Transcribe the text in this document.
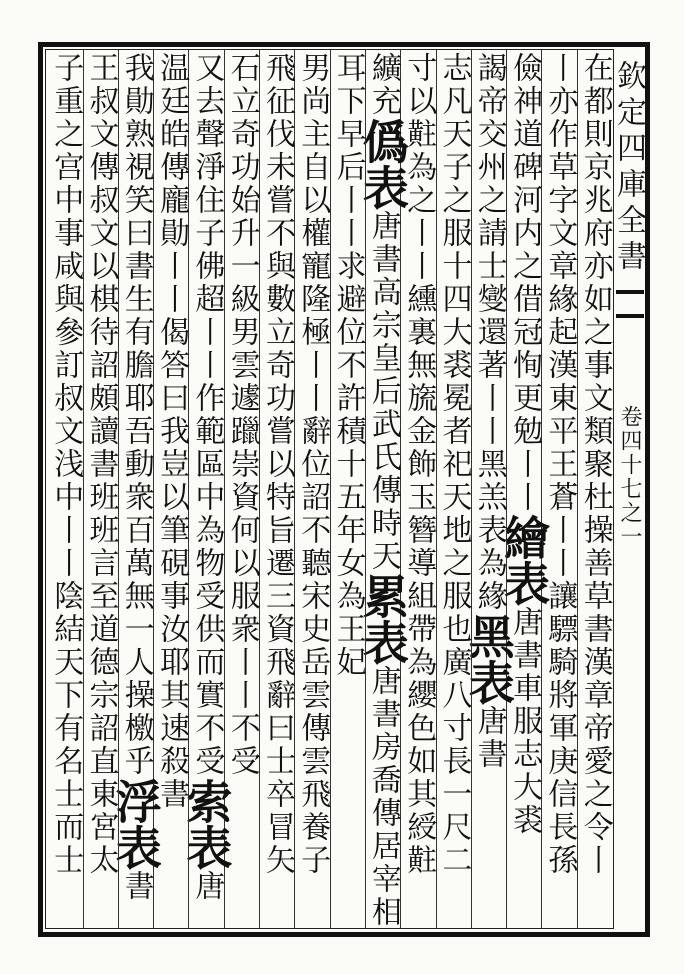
欽定四庫全書
卷四十七之一
在都則京兆府亦如之事文類聚杜操善草書漢章帝愛之令丨
丨亦作草字文章緣起漢東平王蒼丨丨讓驃騎將軍庚信長孫
儉神道碑河内之借冠恂更勉丨丨繪表唐書車服志大裘
謁帝交州之請士燮還著丨丨黑羔表為緣黑表唐書
志凡天子之服十四大裘冕者祀天地之服也廣八寸長一尺二
寸以黈為之丨丨纁裏無旒金飾玉簪導組帶為纓色如其綬黈
纊充僞表唐書高宗皇后武氏傳時天累表唐書房喬傳居宰相
耳下早后丨丨求避位不許積十五年女為王妃
男尚主自以權寵隆極丨丨辭位詔不聽宋史岳雲傳雲飛養子
飛征伐未嘗不與數立奇功嘗以特旨遷三資飛辭曰士卒冒矢
石立奇功始升一級男雲遽躐崇資何以服衆丨丨不受
又去聲淨住子佛超丨丨作範區中為物受供而實不受索表唐
温廷皓傳龐勛丨丨偈答曰我豈以筆硯事汝耶其速殺書
我勛熟視笑曰書生有膽耶吾動衆百萬無一人操檄乎浮表書
王叔文傳叔文以棋待詔頗讀書班班言至道德宗詔直東宮太
子重之宫中事咸與參訂叔文浅中丨丨陰結天下有名士而士
